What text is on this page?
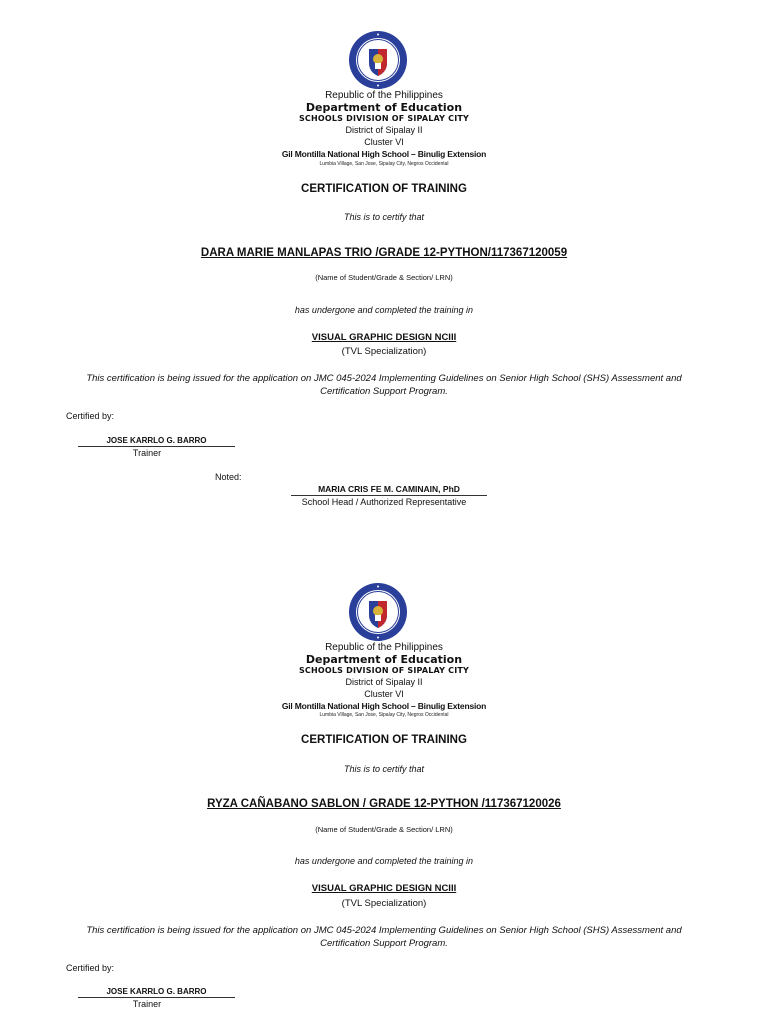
Republic of the Philippines
Department of Education
SCHOOLS DIVISION OF SIPALAY CITY
District of Sipalay II
Cluster VI
Gil Montilla National High School – Binulig Extension
Lumbia Village, San Jose, Sipalay City, Negros Occidental
CERTIFICATION OF TRAINING
This is to certify that
DARA MARIE MANLAPAS TRIO /GRADE 12-PYTHON/117367120059
(Name of Student/Grade & Section/ LRN)
has undergone and completed the training in
VISUAL GRAPHIC DESIGN NCIII
(TVL Specialization)
This certification is being issued for the application on JMC 045-2024 Implementing Guidelines on Senior High School (SHS) Assessment and Certification Support Program.
Certified by:
JOSE KARRLO G. BARRO
Trainer
Noted:
MARIA CRIS FE M. CAMINAIN, PhD
School Head / Authorized Representative
Republic of the Philippines
Department of Education
SCHOOLS DIVISION OF SIPALAY CITY
District of Sipalay II
Cluster VI
Gil Montilla National High School – Binulig Extension
Lumbia Village, San Jose, Sipalay City, Negros Occidental
CERTIFICATION OF TRAINING
This is to certify that
RYZA CAÑABANO SABLON / GRADE 12-PYTHON /117367120026
(Name of Student/Grade & Section/ LRN)
has undergone and completed the training in
VISUAL GRAPHIC DESIGN NCIII
(TVL Specialization)
This certification is being issued for the application on JMC 045-2024 Implementing Guidelines on Senior High School (SHS) Assessment and Certification Support Program.
Certified by:
JOSE KARRLO G. BARRO
Trainer
